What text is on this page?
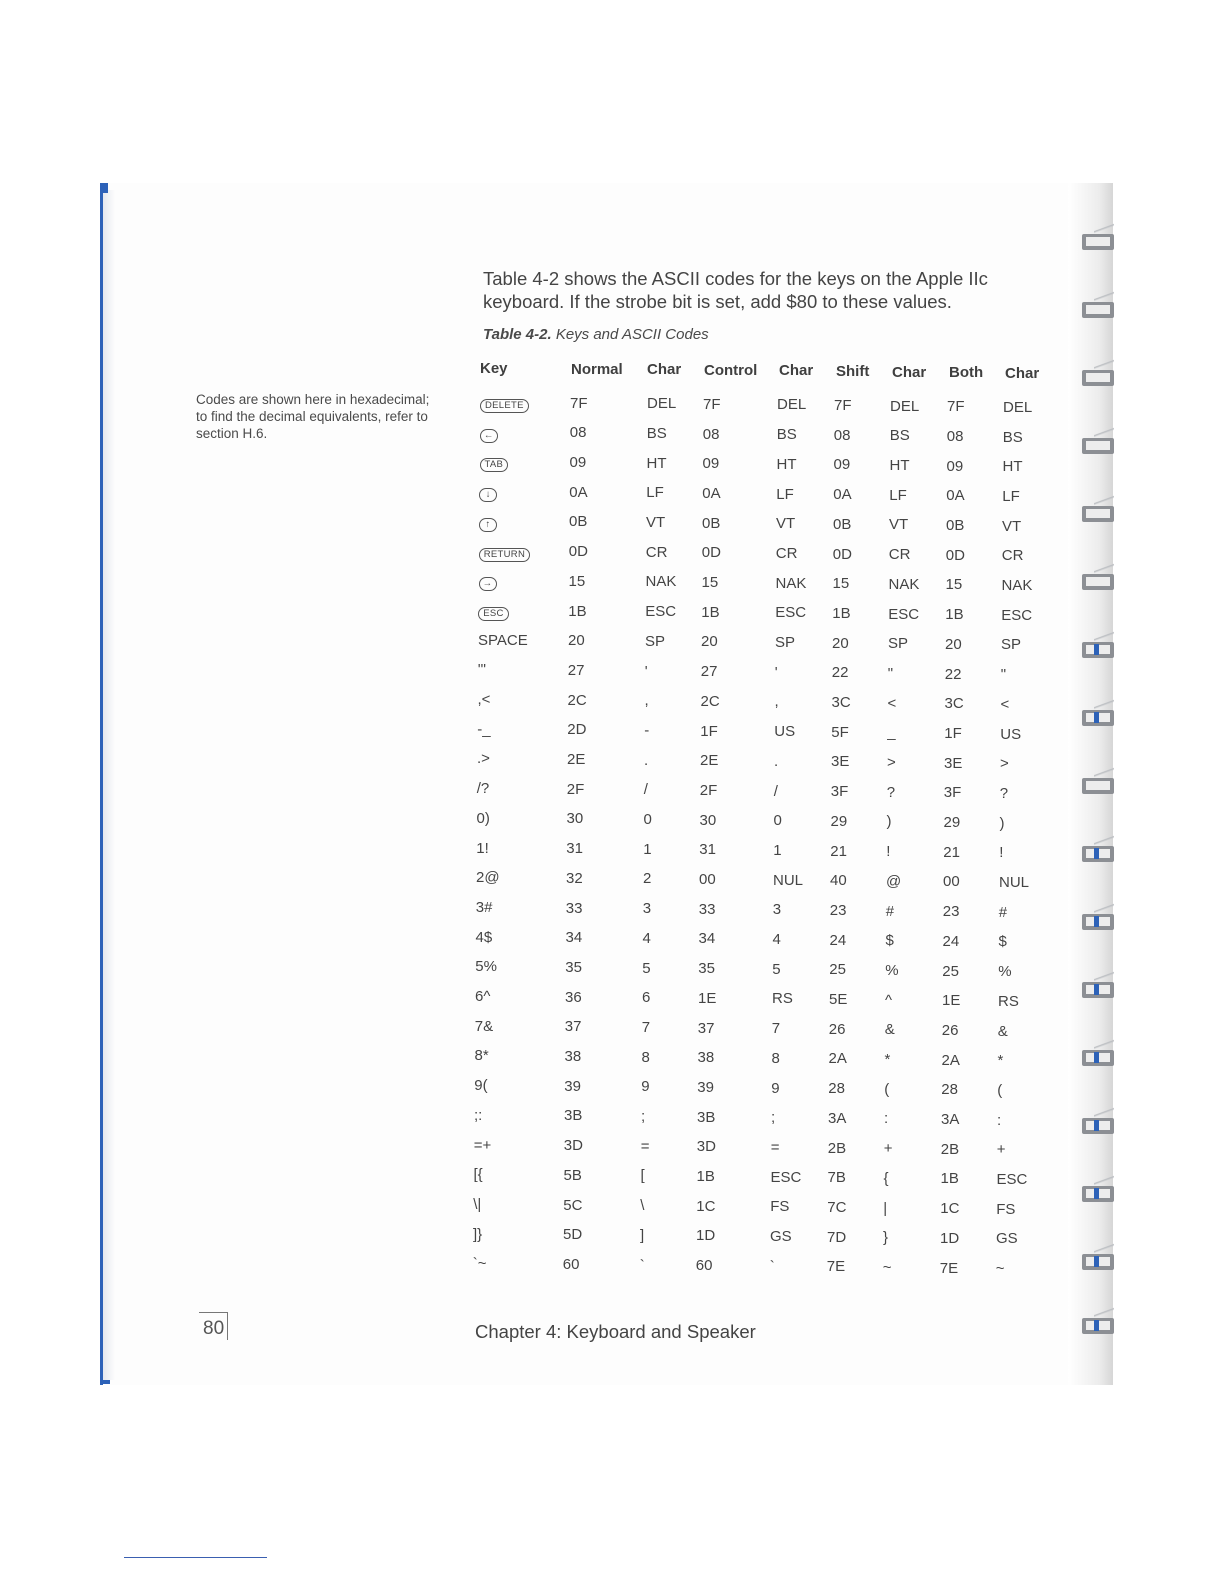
Table 4-2 shows the ASCII codes for the keys on the Apple IIc keyboard. If the strobe bit is set, add $80 to these values.
Table 4-2. Keys and ASCII Codes
Codes are shown here in hexadecimal; to find the decimal equivalents, refer to section H.6.
Key	Normal Char Control Char Shift Char Both Char
DELETE	7F	DEL 7F	DEL 7F	DEL 7F	DEL
←	08	BS 08	BS 08	BS 08	BS
TAB	09	HT 09	HT 09	HT 09	HT
↓	0A	LF	0A	LF	0A	LF	0A	LF
↑	0B	VT 0B	VT	0B	VT	0B	VT
RETURN	0D	CR 0D	CR 0D CR 0D CR
→	15	NAK 15	NAK 15	NAK 15	NAK
ESC	1B	ESC 1B	ESC 1B	ESC 1B	ESC
SPACE	20	SP 20	SP 20	SP 20	SP
'"	27	'	27	'	22	"	22	"
,<	2C	,	2C	,	3C <	3C <
-_	2D	-	1F	US 5F	_	1F	US
.>	2E	.	2E	.	3E	>	3E	>
/?	2F	/	2F	/	3F	?	3F	?
0)	30	0	30	0	29	)	29	)
1!	31	1	31	1	21	!	21	!
2@	32	2	00	NUL 40	@	00	NUL
3#	33	3	33	3	23	#	23	#
4$	34	4	34	4	24	$	24	$
5%	35	5	35	5	25	%	25	%
6^	36	6	1E	RS 5E	^	1E	RS
7&	37	7	37	7	26	&	26	&
8*	38	8	38	8	2A	*	2A	*
9(	39	9	39	9	28	(	28	(
;:	3B	;	3B	;	3A	:	3A	:
=+	3D	=	3D	=	2B	+	2B	+
[{	5B	[	1B	ESC 7B	{	1B	ESC
\|	5C	\	1C	FS	7C |	1C FS
]}	5D	]	1D	GS 7D }	1D GS
`~	60	`	60	`	7E	~	7E	~
80	Chapter 4: Keyboard and Speaker
